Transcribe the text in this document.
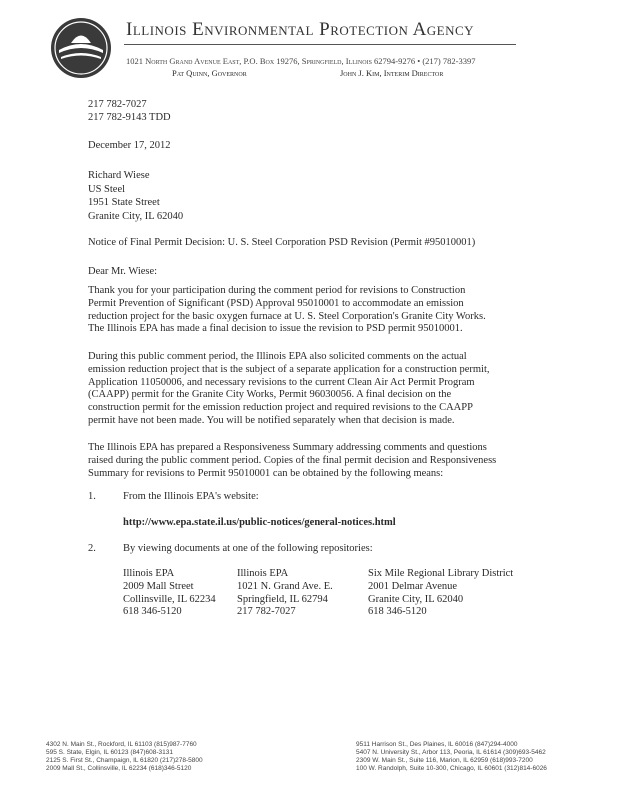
Illinois Environmental Protection Agency
1021 North Grand Avenue East, P.O. Box 19276, Springfield, Illinois 62794-9276 • (217) 782-3397
Pat Quinn, Governor	John J. Kim, Interim Director
217 782-7027
217 782-9143 TDD
December 17, 2012
Richard Wiese
US Steel
1951 State Street
Granite City, IL 62040
Notice of Final Permit Decision: U. S. Steel Corporation PSD Revision (Permit #95010001)
Dear Mr. Wiese:
Thank you for your participation during the comment period for revisions to Construction
Permit Prevention of Significant (PSD) Approval 95010001 to accommodate an emission
reduction project for the basic oxygen furnace at U. S. Steel Corporation's Granite City Works.
The Illinois EPA has made a final decision to issue the revision to PSD permit 95010001.
During this public comment period, the Illinois EPA also solicited comments on the actual
emission reduction project that is the subject of a separate application for a construction permit,
Application 11050006, and necessary revisions to the current Clean Air Act Permit Program
(CAAPP) permit for the Granite City Works, Permit 96030056. A final decision on the
construction permit for the emission reduction project and required revisions to the CAAPP
permit have not been made. You will be notified separately when that decision is made.
The Illinois EPA has prepared a Responsiveness Summary addressing comments and questions
raised during the public comment period. Copies of the final permit decision and Responsiveness
Summary for revisions to Permit 95010001 can be obtained by the following means:
1.	From the Illinois EPA's website:
http://www.epa.state.il.us/public-notices/general-notices.html
2.	By viewing documents at one of the following repositories:
Illinois EPA
2009 Mall Street
Collinsville, IL 62234
618 346-5120
Illinois EPA
1021 N. Grand Ave. E.
Springfield, IL 62794
217 782-7027
Six Mile Regional Library District
2001 Delmar Avenue
Granite City, IL 62040
618 346-5120
4302 N. Main St., Rockford, IL 61103 (815)987-7760
595 S. State, Elgin, IL 60123 (847)608-3131
2125 S. First St., Champaign, IL 61820 (217)278-5800
2009 Mall St., Collinsville, IL 62234 (618)346-5120
9511 Harrison St., Des Plaines, IL 60016 (847)294-4000
5407 N. University St., Arbor 113, Peoria, IL 61614 (309)693-5462
2309 W. Main St., Suite 116, Marion, IL 62959 (618)993-7200
100 W. Randolph, Suite 10-300, Chicago, IL 60601 (312)814-6026
